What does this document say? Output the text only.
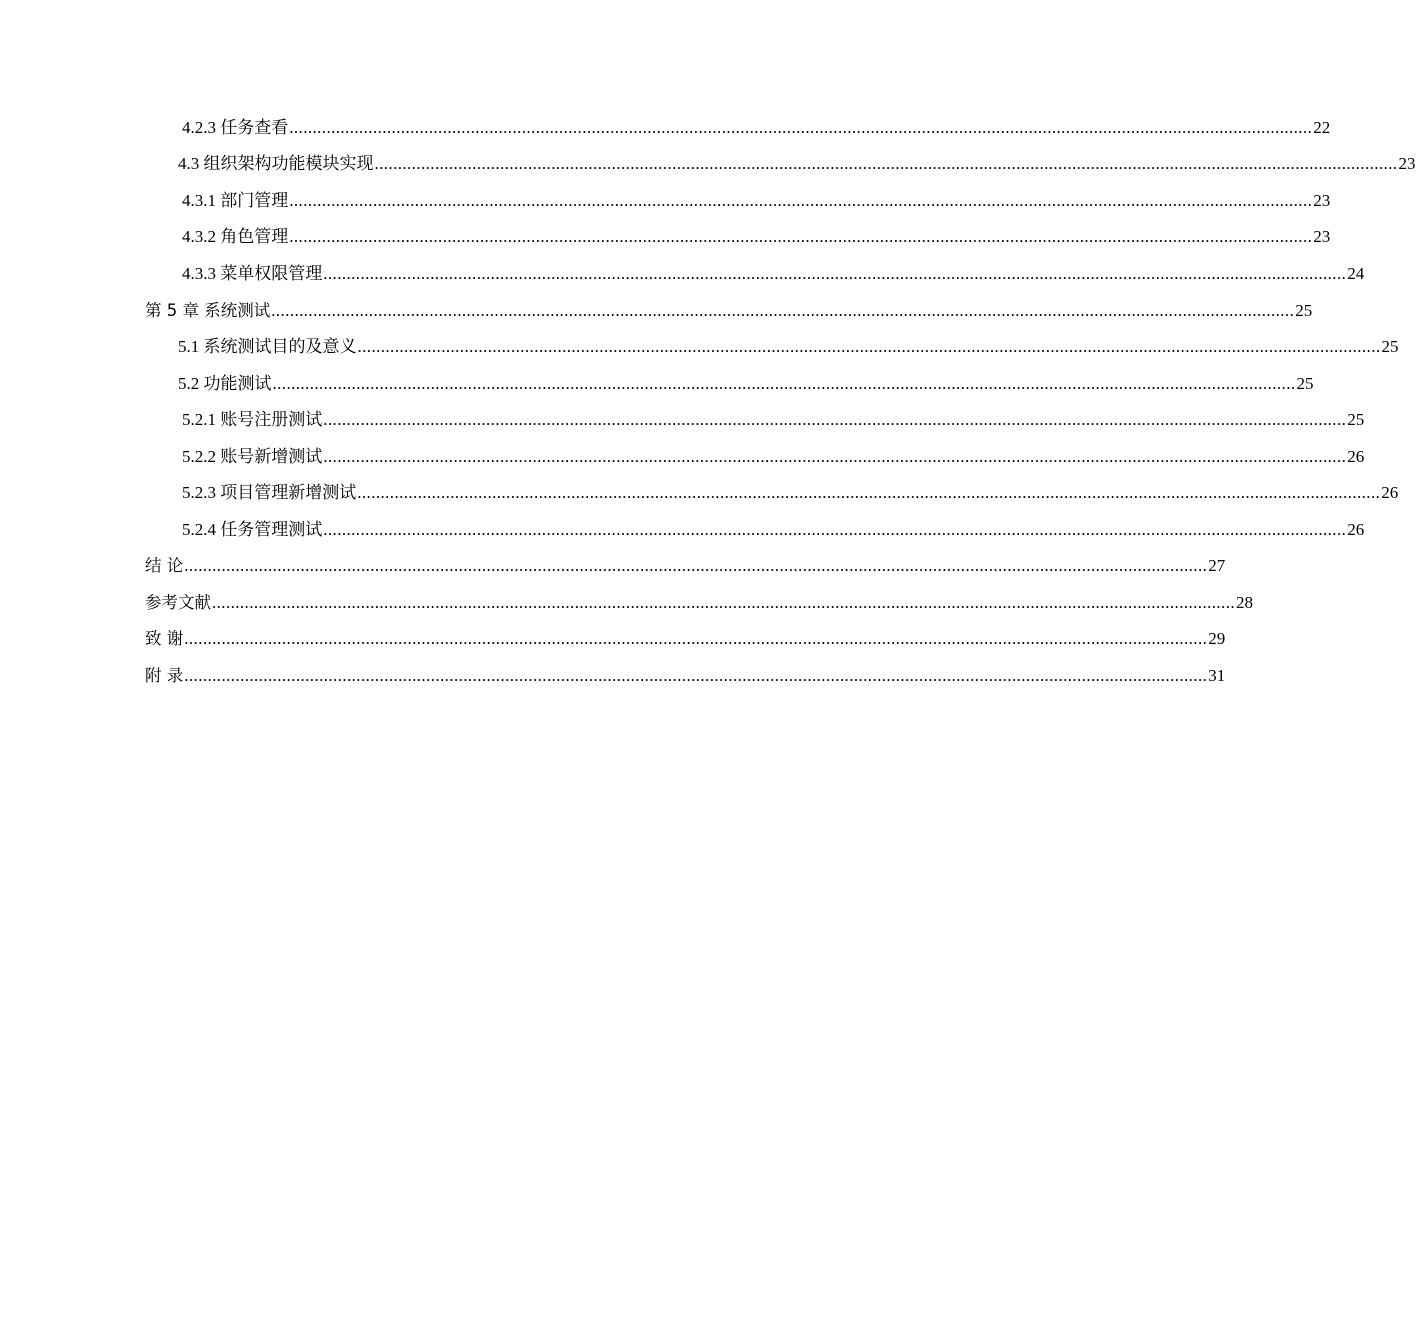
4.2.3 任务查看 ............................................................................................................................................................................................................................ 22
4.3 组织架构功能模块实现 ............................................................................................................................................................................................................................ 23
4.3.1 部门管理 ............................................................................................................................................................................................................................ 23
4.3.2 角色管理 ............................................................................................................................................................................................................................ 23
4.3.3 菜单权限管理 ............................................................................................................................................................................................................................ 24
第 5 章 系统测试 ............................................................................................................................................................................................................................ 25
5.1 系统测试目的及意义 ............................................................................................................................................................................................................................ 25
5.2 功能测试 ............................................................................................................................................................................................................................ 25
5.2.1 账号注册测试 ............................................................................................................................................................................................................................ 25
5.2.2 账号新增测试 ............................................................................................................................................................................................................................ 26
5.2.3 项目管理新增测试 ............................................................................................................................................................................................................................ 26
5.2.4 任务管理测试 ............................................................................................................................................................................................................................ 26
结 论 ............................................................................................................................................................................................................................ 27
参考文献 ............................................................................................................................................................................................................................ 28
致 谢 ............................................................................................................................................................................................................................ 29
附 录 ............................................................................................................................................................................................................................ 31
